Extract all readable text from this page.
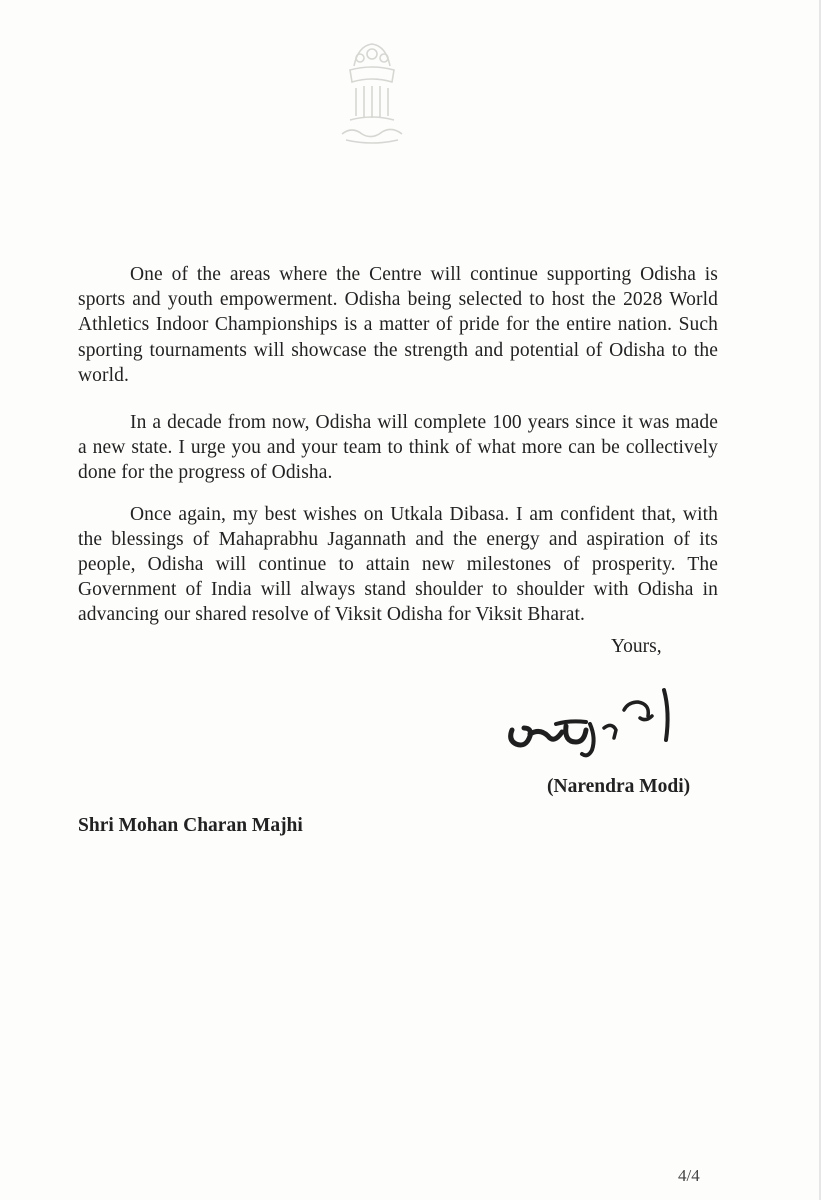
One of the areas where the Centre will continue supporting Odisha is sports and youth empowerment. Odisha being selected to host the 2028 World Athletics Indoor Championships is a matter of pride for the entire nation. Such sporting tournaments will showcase the strength and potential of Odisha to the world.

In a decade from now, Odisha will complete 100 years since it was made a new state. I urge you and your team to think of what more can be collectively done for the progress of Odisha.

Once again, my best wishes on Utkala Dibasa. I am confident that, with the blessings of Mahaprabhu Jagannath and the energy and aspiration of its people, Odisha will continue to attain new milestones of prosperity. The Government of India will always stand shoulder to shoulder with Odisha in advancing our shared resolve of Viksit Odisha for Viksit Bharat.

Yours,
(Narendra Modi)
Shri Mohan Charan Majhi
4/4
